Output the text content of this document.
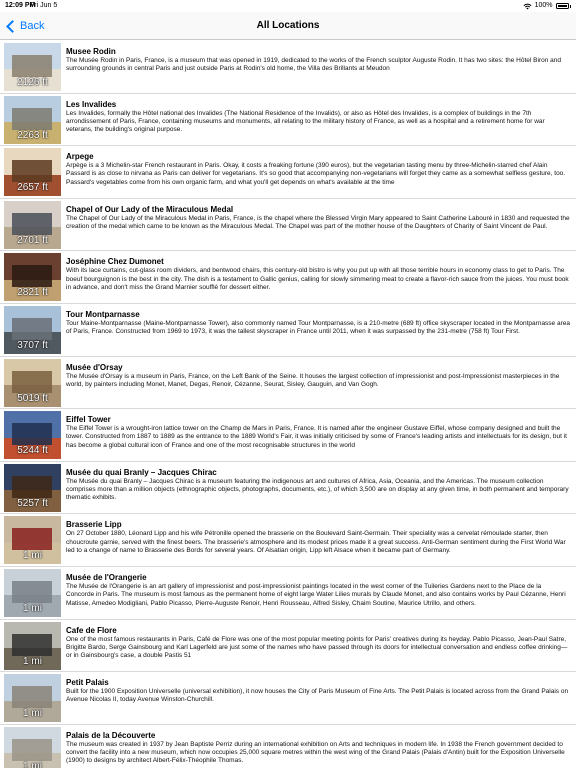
12:09 PM
Fri Jun 5	100%
Back	All Locations
2126 ft
Musee Rodin
The Musée Rodin in Paris, France, is a museum that was opened in 1919, dedicated to the works of the French sculptor Auguste Rodin. It has two sites: the Hôtel Biron and surrounding grounds in central Paris and just outside Paris at Rodin's old home, the Villa des Brillants at Meudon
2263 ft
Les Invalides
Les Invalides, formally the Hôtel national des Invalides (The National Residence of the Invalids), or also as Hôtel des Invalides, is a complex of buildings in the 7th arrondissement of Paris, France, containing museums and monuments, all relating to the military history of France, as well as a hospital and a retirement home for war veterans, the building's original purpose.
2657 ft
Arpege
Arpège is a 3 Michelin-star French restaurant in Paris. Okay, it costs a freaking fortune (390 euros), but the vegetarian tasting menu by three-Michelin-starred chef Alain Passard is as close to nirvana as Paris can deliver for vegetarians. It's so good that accompanying non-vegetarians will forget they came as a somewhat selfless gesture, too. Passard's vegetables come from his own organic farm, and what you'll get depends on what's available at the time
2701 ft
Chapel of Our Lady of the Miraculous Medal
The Chapel of Our Lady of the Miraculous Medal in Paris, France, is the chapel where the Blessed Virgin Mary appeared to Saint Catherine Labouré in 1830 and requested the creation of the medal which came to be known as the Miraculous Medal. The Chapel was part of the mother house of the Daughters of Charity of Saint Vincent de Paul.
2821 ft
Joséphine Chez Dumonet
With its lace curtains, cut-glass room dividers, and bentwood chairs, this century-old bistro is why you put up with all those terrible hours in economy class to get to Paris. The boeuf bourguignon is the best in the city. The dish is a testament to Gallic genius, calling for slowly simmering meat to create a flavor-rich sauce from the juices. You must book in advance, and don't miss the Grand Marnier soufflé for dessert either.
3707 ft
Tour Montparnasse
Tour Maine-Montparnasse (Maine-Montparnasse Tower), also commonly named Tour Montparnasse, is a 210-metre (689 ft) office skyscraper located in the Montparnasse area of Paris, France. Constructed from 1969 to 1973, it was the tallest skyscraper in France until 2011, when it was surpassed by the 231-metre (758 ft) Tour First.
5019 ft
Musée d'Orsay
The Musée d'Orsay is a museum in Paris, France, on the Left Bank of the Seine. It houses the largest collection of impressionist and post-Impressionist masterpieces in the world, by painters including Monet, Manet, Degas, Renoir, Cézanne, Seurat, Sisley, Gauguin, and Van Gogh.
5244 ft
Eiffel Tower
The Eiffel Tower is a wrought-iron lattice tower on the Champ de Mars in Paris, France. It is named after the engineer Gustave Eiffel, whose company designed and built the tower. Constructed from 1887 to 1889 as the entrance to the 1889 World's Fair, it was initially criticised by some of France's leading artists and intellectuals for its design, but it has become a global cultural icon of France and one of the most recognisable structures in the world
5257 ft
Musée du quai Branly – Jacques Chirac
The Musée du quai Branly – Jacques Chirac is a museum featuring the indigenous art and cultures of Africa, Asia, Oceania, and the Americas. The museum collection comprises more than a million objects (ethnographic objects, photographs, documents, etc.), of which 3,500 are on display at any given time, in both permanent and temporary thematic exhibits.
1 mi
Brasserie Lipp
On 27 October 1880, Léonard Lipp and his wife Pétronille opened the brasserie on the Boulevard Saint-Germain. Their speciality was a cervelat rémoulade starter, then choucroute garnie, served with the finest beers. The brasserie's atmosphere and its modest prices made it a great success. Anti-German sentiment during the First World War led to a change of name to Brasserie des Bords for several years. Of Alsatian origin, Lipp left Alsace when it became part of Germany.
1 mi
Musée de l'Orangerie
The Musée de l'Orangerie is an art gallery of impressionist and post-impressionist paintings located in the west corner of the Tuileries Gardens next to the Place de la Concorde in Paris. The museum is most famous as the permanent home of eight large Water Lilies murals by Claude Monet, and also contains works by Paul Cézanne, Henri Matisse, Amedeo Modigliani, Pablo Picasso, Pierre-Auguste Renoir, Henri Rousseau, Alfred Sisley, Chaim Soutine, Maurice Utrillo, and others.
1 mi
Cafe de Flore
One of the most famous restaurants in Paris, Café de Flore was one of the most popular meeting points for Paris' creatives during its heyday. Pablo Picasso, Jean-Paul Satre, Brigitte Bardo, Serge Gainsbourg and Karl Lagerfeld are just some of the names who have passed through its doors for intellectual conversation and endless coffee drinking—or in Gainsbourg's case, a double Pastis 51
1 mi
Petit Palais
Built for the 1900 Exposition Universelle (universal exhibition), it now houses the City of Paris Museum of Fine Arts. The Petit Palais is located across from the Grand Palais on Avenue Nicolas II, today Avenue Winston-Churchill.
1 mi
Palais de la Découverte
The museum was created in 1937 by Jean Baptiste Perriz during an international exhibition on Arts and techniques in modern life. In 1938 the French government decided to convert the facility into a new museum, which now occupies 25,000 square metres within the west wing of the Grand Palais (Palais d'Antin) built for the Exposition Universelle (1900) to designs by architect Albert-Félix-Théophile Thomas.
